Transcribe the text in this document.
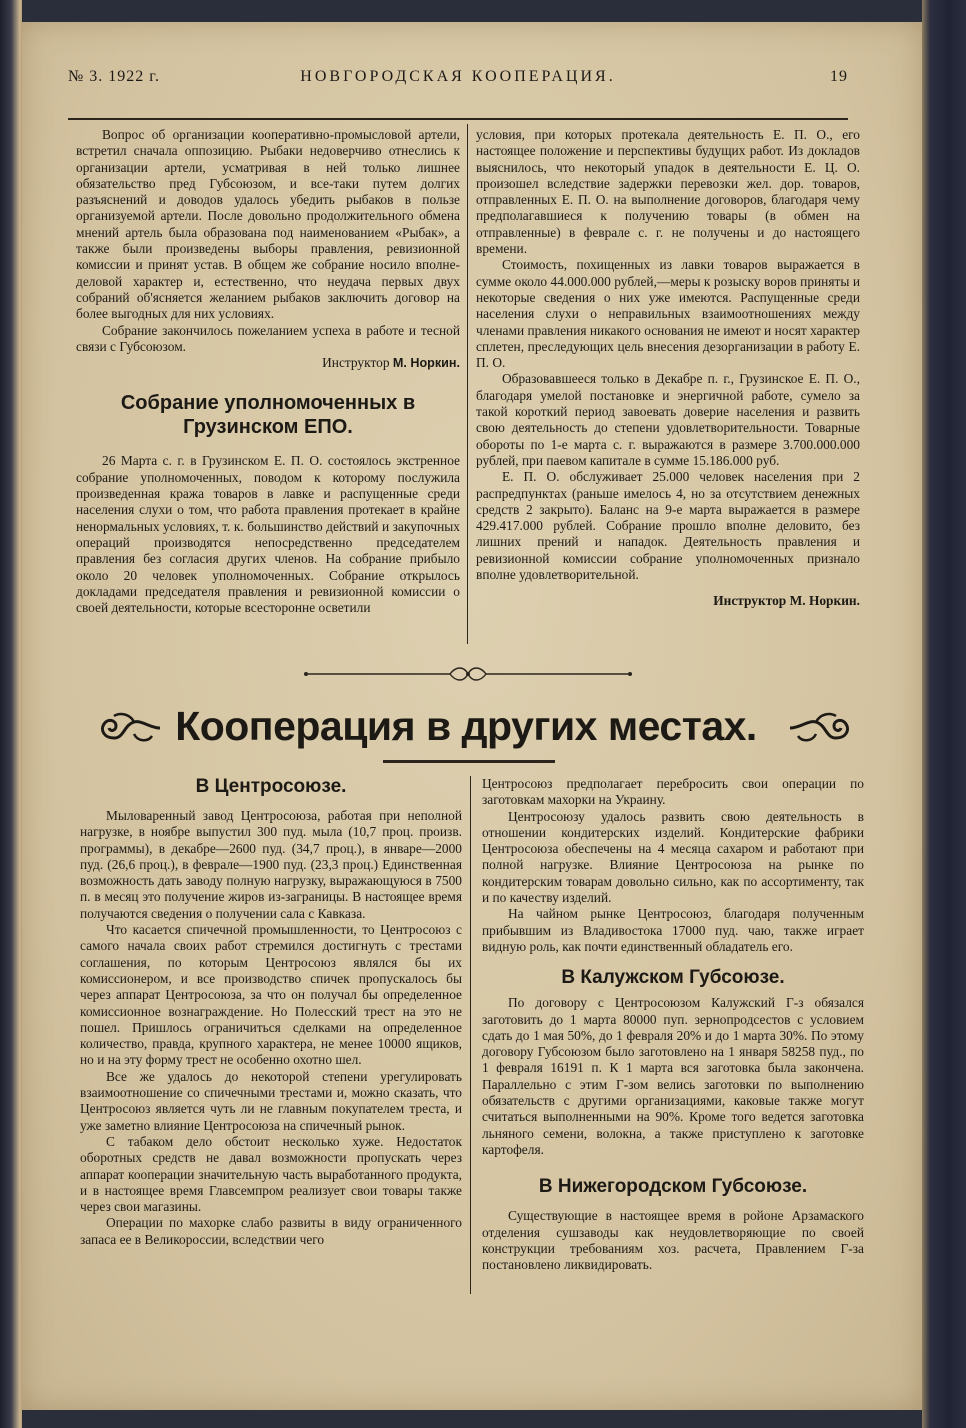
№ 3. 1922 г.	НОВГОРОДСКАЯ КООПЕРАЦИЯ.	19

Вопрос об организации кооперативно-промысловой артели, встретил сначала оппозицию. Рыбаки недоверчиво отнеслись к организации артели, усматривая в ней только лишнее обязательство пред Губсоюзом, и все-таки путем долгих разъяснений и доводов удалось убедить рыбаков в пользе организуемой артели. После довольно продолжительного обмена мнений артель была образована под наименованием «Рыбак», а также были произведены выборы правления, ревизионной комиссии и принят устав. В общем же собрание носило вполне-деловой характер и, естественно, что неудача первых двух собраний об'ясняется желанием рыбаков заключить договор на более выгодных для них условиях.

Собрание закончилось пожеланием успеха в работе и тесной связи с Губсоюзом.

Инструктор М. Норкин.

Собрание уполномоченных в Грузинском ЕПО.

26 Марта с. г. в Грузинском Е. П. О. состоялось экстренное собрание уполномоченных, поводом к которому послужила произведенная кража товаров в лавке и распущенные среди населения слухи о том, что работа правления протекает в крайне ненормальных условиях, т. к. большинство действий и закупочных операций производятся непосредственно председателем правления без согласия других членов. На собрание прибыло около 20 человек уполномоченных. Собрание открылось докладами председателя правления и ревизионной комиссии о своей деятельности, которые всесторонне осветили

условия, при которых протекала деятельность Е. П. О., его настоящее положение и перспективы будущих работ. Из докладов выяснилось, что некоторый упадок в деятельности Е. Ц. О. произошел вследствие задержки перевозки жел. дор. товаров, отправленных Е. П. О. на выполнение договоров, благодаря чему предполагавшиеся к получению товары (в обмен на отправленные) в феврале с. г. не получены и до настоящего времени.

Стоимость, похищенных из лавки товаров выражается в сумме около 44.000.000 рублей,—меры к розыску воров приняты и некоторые сведения о них уже имеются. Распущенные среди населения слухи о неправильных взаимоотношениях между членами правления никакого основания не имеют и носят характер сплетен, преследующих цель внесения дезорганизации в работу Е. П. О.

Образовавшееся только в Декабре п. г., Грузинское Е. П. О., благодаря умелой постановке и энергичной работе, сумело за такой короткий период завоевать доверие населения и развить свою деятельность до степени удовлетворительности. Товарные обороты по 1-е марта с. г. выражаются в размере 3.700.000.000 рублей, при паевом капитале в сумме 15.186.000 руб.

Е. П. О. обслуживает 25.000 человек населения при 2 распредпунктах (раньше имелось 4, но за отсутствием денежных средств 2 закрыто). Баланс на 9-е марта выражается в размере 429.417.000 рублей. Собрание прошло вполне деловито, без лишних прений и нападок. Деятельность правления и ревизионной комиссии собрание уполномоченных признало вполне удовлетворительной.

Инструктор М. Норкин.

Кооперация в других местах.
В Центросоюзе.

Мыловаренный завод Центросоюза, работая при неполной нагрузке, в ноябре выпустил 300 пуд. мыла (10,7 проц. произв. программы), в декабре—2600 пуд. (34,7 проц.), в январе—2000 пуд. (26,6 проц.), в феврале—1900 пуд. (23,3 проц.) Единственная возможность дать заводу полную нагрузку, выражающуюся в 7500 п. в месяц это получение жиров из-заграницы. В настоящее время получаются сведения о получении сала с Кавказа.

Что касается спичечной промышленности, то Центросоюз с самого начала своих работ стремился достигнуть с трестами соглашения, по которым Центросоюз являлся бы их комиссионером, и все производство спичек пропускалось бы через аппарат Центросоюза, за что он получал бы определенное комиссионное вознаграждение. Но Полесский трест на это не пошел. Пришлось ограничиться сделками на определенное количество, правда, крупного характера, не менее 10000 ящиков, но и на эту форму трест не особенно охотно шел.

Все же удалось до некоторой степени урегулировать взаимоотношение со спичечными трестами и, можно сказать, что Центросоюз является чуть ли не главным покупателем треста, и уже заметно влияние Центросоюза на спичечный рынок.

С табаком дело обстоит несколько хуже. Недостаток оборотных средств не давал возможности пропускать через аппарат кооперации значительную часть выработанного продукта, и в настоящее время Главсемпром реализует свои товары также через свои магазины.

Операции по махорке слабо развиты в виду ограниченного запаса ее в Великороссии, вследствии чего

Центросоюз предполагает перебросить свои операции по заготовкам махорки на Украину.

Центросоюзу удалось развить свою деятельность в отношении кондитерских изделий. Кондитерские фабрики Центросоюза обеспечены на 4 месяца сахаром и работают при полной нагрузке. Влияние Центросоюза на рынке по кондитерским товарам довольно сильно, как по ассортименту, так и по качеству изделий.

На чайном рынке Центросоюз, благодаря полученным прибывшим из Владивостока 17000 пуд. чаю, также играет видную роль, как почти единственный обладатель его.

В Калужском Губсоюзе.

По договору с Центросоюзом Калужский Г-з обязался заготовить до 1 марта 80000 пуп. зернопродсестов с условием сдать до 1 мая 50%, до 1 февраля 20% и до 1 марта 30%. По этому договору Губсоюзом было заготовлено на 1 января 58258 пуд., по 1 февраля 16191 п. К 1 марта вся заготовка была закончена. Параллельно с этим Г-зом велись заготовки по выполнению обязательств с другими организациями, каковые также могут считаться выполненными на 90%. Кроме того ведется заготовка льняного семени, волокна, а также приступлено к заготовке картофеля.

В Нижегородском Губсоюзе.

Существующие в настоящее время в ройоне Арзамаского отделения сушзаводы как неудовлетворяющие по своей конструкции требованиям хоз. расчета, Правлением Г-за постановлено ликвидировать.
